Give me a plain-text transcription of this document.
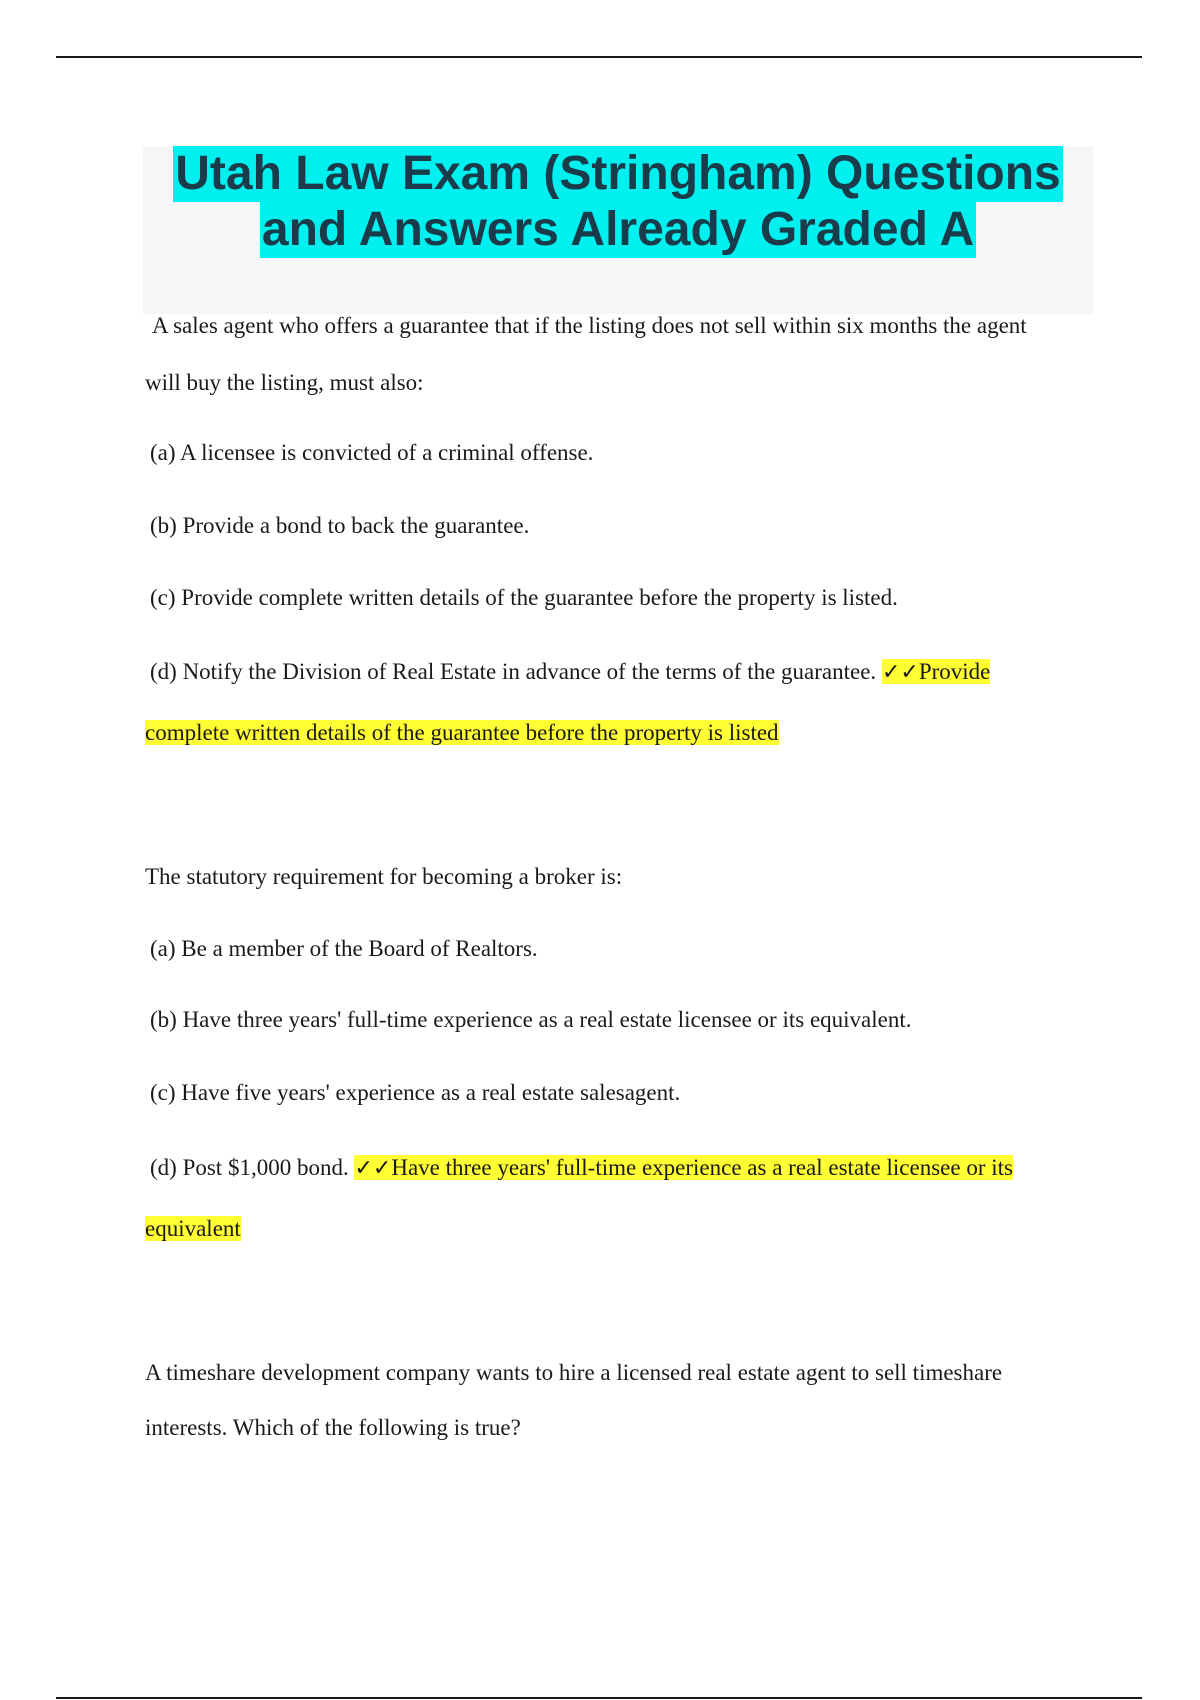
Utah Law Exam (Stringham) Questions
and Answers Already Graded A
A sales agent who offers a guarantee that if the listing does not sell within six months the agent
will buy the listing, must also:
(a) A licensee is convicted of a criminal offense.
(b) Provide a bond to back the guarantee.
(c) Provide complete written details of the guarantee before the property is listed.
(d) Notify the Division of Real Estate in advance of the terms of the guarantee. ✓✓Provide
complete written details of the guarantee before the property is listed
The statutory requirement for becoming a broker is:
(a) Be a member of the Board of Realtors.
(b) Have three years' full-time experience as a real estate licensee or its equivalent.
(c) Have five years' experience as a real estate salesagent.
(d) Post $1,000 bond. ✓✓Have three years' full-time experience as a real estate licensee or its
equivalent
A timeshare development company wants to hire a licensed real estate agent to sell timeshare
interests. Which of the following is true?
